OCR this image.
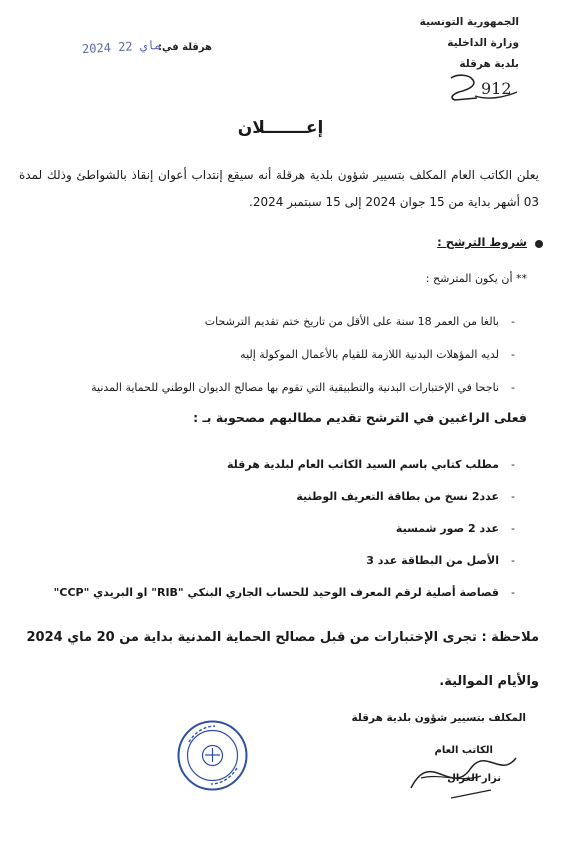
الجمهورية التونسية
وزارة الداخلية
بلدية هرقلة
912
هرقلة في:
2024 ماي 22
إعـــــــلان
يعلن الكاتب العام المكلف بتسيير شؤون بلدية هرقلة أنه سيقع إنتداب أعوان إنقاذ بالشواطئ وذلك لمدة 03 أشهر بداية من 15 جوان 2024 إلى 15 سبتمبر 2024.
شروط الترشح :
** أن يكون المترشح :
-
بالغا من العمر 18 سنة على الأقل من تاريخ ختم تقديم الترشحات
-
لديه المؤهلات البدنية اللازمة للقيام بالأعمال الموكولة إليه
-
ناجحا في الإختبارات البدنية والتطبيقية التي تقوم بها مصالح الديوان الوطني للحماية المدنية
فعلى الراغبين في الترشح تقديم مطالبهم مصحوبة بـ :
-
مطلب كتابي باسم السيد الكاتب العام لبلدية هرقلة
-
عدد2 نسخ من بطاقة التعريف الوطنية
-
عدد 2 صور شمسية
-
الأصل من البطاقة عدد 3
-
قصاصة أصلية لرقم المعرف الوحيد للحساب الجاري البنكي "RIB" او البريدي "CCP"
ملاحظة : تجرى الإختبارات من قبل مصالح الحماية المدنية بداية من 20 ماي 2024 والأيام الموالية.
المكلف بتسيير شؤون بلدية هرقلة
الكاتب العام
نزار الغزال
